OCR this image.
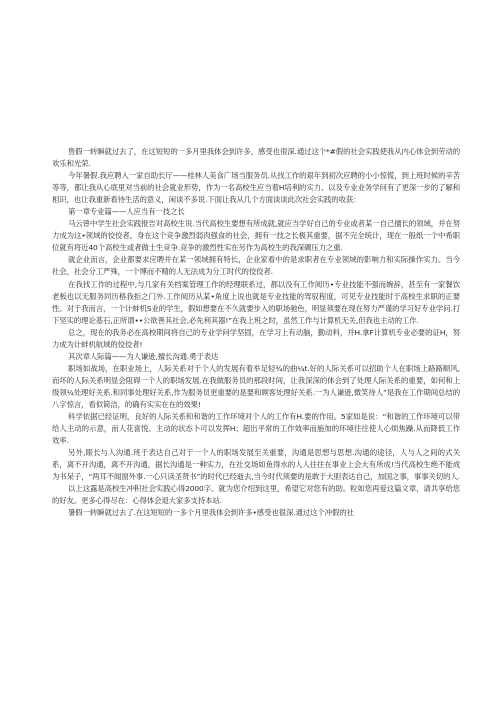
售假一转瞬就过去了，在这短短的一多月里我体会到许多，感受也很深.通过这个*#假的社会实践使我从内心体会到劳动的欢乐和光荣.

今年暑假.我应聘入一家自助长厅——桂林人美食广场当服务员.从找工作的艰年到初次应聘的小小惊慌，到上班时候的辛苦等等，都让我从心底里对当前的社会就业形势，作为一名高校生应当着H培利的实力、以及专业业务学问有了更深一步的了解和相识，也让我重新看待生活的意义，闲谈不多说.下面让我从几个方面谈谈此次社会实践的收获：

第一章专业篇——人应当有一技之长

马云曾中学生社会实践报告对高校生说.当代高校生要想有所成就,就应当学好自己的专业或者某一自己擅长的领域，并在努力成为这•领域的佼佼者。身在这个竞争激烈弱肉强食的社会，拥有一技之长极其重要，据不完全统计，现在一般纸一个中希职位就有将近40个高校生或者做士生竞争.竞争的激烈性实在另作为高校生的我深碉压力之重.

就企业而言，企业都要求应聘并在某一领域拥有特长，企业家看中的是求职者在专业领域的影响力和实际操作实力。当今社会，社会分工严殊，一个博而不精的人无法成为分工时代的佼佼者.

在我找工作的过程中,与几家有关档案管理工作的经理联系过，都以没有工作阅历•专业技能不强而婉辞，甚至有一家餐饮老板也以无服务同历格我拒之门外.工作阅历从某•角度上说也就是专业技能的驾驭程度，可见专业技能时于高校生求职的正要性。对于我而言，一个计蚌机S业的学生，假如想要在不久就要步入的职场驰色，明显须要在现在努力严谨的学习好专业学问.打下坚实的理论基石,正所谓••公欲善其社会,必先利其器!”在我上班之时，虽然工作与计算机无关,但我也主动的工作.

总之，现在的我务必在高校期间将自己的专业学问学坚固，在学习上有动脑，勤动料，并H.拿F计算机专业必要的证H，努力成为计蚌机航域的佼佼者!

其次章人际篇——为人谦逊,擅长沟通.勇于表达

职场如战场，在职业场上，人际关系对于个人的发展有着举足轻¾的曲¼t.好的人际关系可以招助个人在职场上路路顺风,而坏的人际关系明显会阻碍一个人的职场发展.在我做服务员的那段时间，让我深深的体会到了处理人际关系的重要，如何和上级领¼处理好关系.和同事处理好关系,作为服务员更重要的是要和顾客处理好关系.一为人谦逊,微笑待人”是我在工作期间总结的八字惊言，看似简洁，的确有实实在在的效果!

科学依据已经证明，良好的人际关系和和谐的工作环境对个人的工作有H.要的作用。5家如是说：“和谐的工作环境可以带给人主动的示意，而人花喜悦、主动的状态卜可以发挥H；超出平常的工作效率而施加的环境往往使人心烦焦躁.从而降低工作效率.

另外,眼长与人沟通.班于表达自己对于一个人的职场发展至关重要，沟通是思想与思想.沟通的途径，人与人之间的式关系，离不开沟通，离不开沟通，据长沟通是一种实力，在社交场如鱼得水的人人往往在事业上会大有所成!当代高校生绝不能成为书呆子，“两耳不闻窗外事.一心只读圣贤书”的时代已经逝去,当今时代须要的是敢于大胆表达自己，加国之事，事事关切的人.

以上这露是高校生冲积社会实践心得2000字。就为您介绍到这里，希望它对您有的助。粒如您再爱这篇文章，请共享给您的好友。更多心得尽在：心得体会退大家多支持本站.

暑假一转瞬就过去了.在这短短的一多个月里我体会到许多•感受也很深.通过这个冲假的社
